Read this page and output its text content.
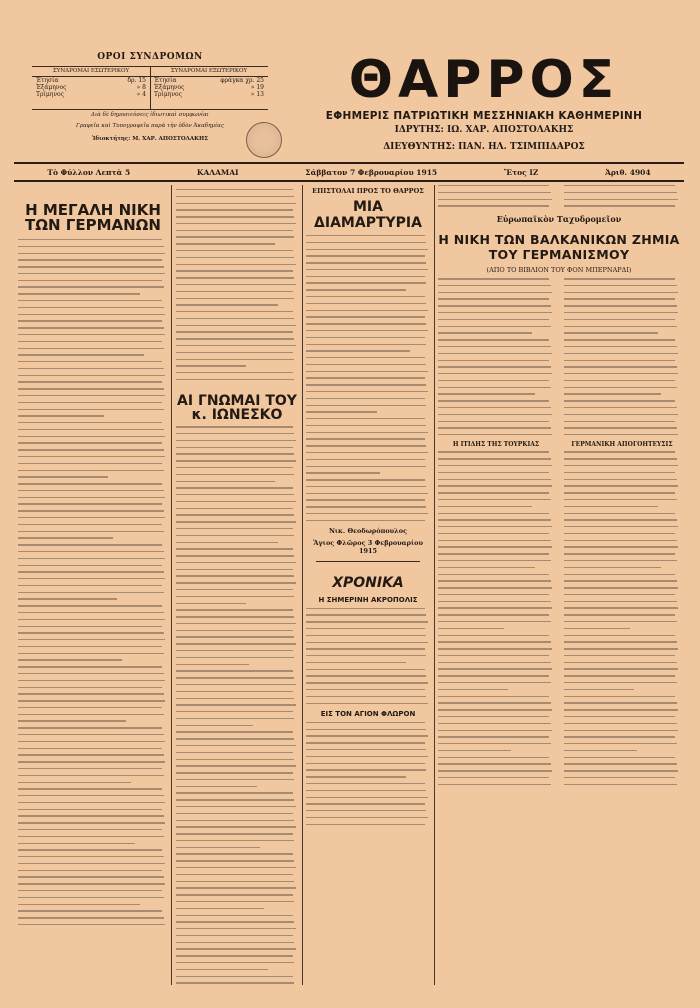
ΟΡΟΙ ΣΥΝΔΡΟΜΩΝ
ΣΥΝΔΡΟΜΑΙ ΕΣΩΤΕΡΙΚΟΥ
Ἐτησία	δρ. 15
Ἑξάμηνος	» 8
Τρίμηνος	» 4
ΣΥΝΔΡΟΜΑΙ ΕΞΩΤΕΡΙΚΟΥ
Ἐτησία	φράγκα χρ. 25
Ἑξάμηνος	» 19
Τρίμηνος	» 13
Διὰ δὲ δημοσιεύσεις ἰδιωτικαὶ συμφωνίαι
Γραφεῖα καὶ Τυπογραφεῖα παρὰ τὴν ὁδὸν Ἀκαδημίας
Ἰδιοκτήτης: Μ. ΧΑΡ. ΑΠΟΣΤΟΛΑΚΗΣ
ΘΑΡΡΟΣ
ΕΦΗΜΕΡΙΣ ΠΑΤΡΙΩΤΙΚΗ ΜΕΣΣΗΝΙΑΚΗ ΚΑΘΗΜΕΡΙΝΗ
ΙΔΡΥΤΗΣ: ΙΩ. ΧΑΡ. ΑΠΟΣΤΟΛΑΚΗΣ
ΔΙΕΥΘΥΝΤΗΣ: ΠΑΝ. ΗΛ. ΤΣΙΜΠΙΔΑΡΟΣ
Τὸ Φύλλον Λεπτὰ 5	ΚΑΛΑΜΑΙ	Σάββατον 7 Φεβρουαρίου 1915	Ἔτος ΙΖ	Ἀριθ. 4904
Η ΜΕΓΑΛΗ ΝΙΚΗ ΤΩΝ ΓΕΡΜΑΝΩΝ
ΑΙ ΓΝΩΜΑΙ ΤΟΥ κ. ΙΩΝΕΣΚΟ
ΕΠΙΣΤΟΛΑΙ ΠΡΟΣ ΤΟ ΘΑΡΡΟΣ
ΜΙΑ ΔΙΑΜΑΡΤΥΡΙΑ
Νικ. Θεοδωρόπουλος
Ἅγιος Φλῶρος 3 Φεβρουαρίου 1915
ΧΡΟΝΙΚΑ
Η ΣΗΜΕΡΙΝΗ ΑΚΡΟΠΟΛΙΣ
ΕΙΣ ΤΟΝ ΑΓΙΟΝ ΦΛΩΡΟΝ
Εὐρωπαϊκὸν Ταχυδρομεῖον
Η ΝΙΚΗ ΤΩΝ ΒΑΛΚΑΝΙΚΩΝ ΖΗΜΙΑ ΤΟΥ ΓΕΡΜΑΝΙΣΜΟΥ
(ΑΠΟ ΤΟ ΒΙΒΛΙΟΝ ΤΟΥ ΦΟΝ ΜΠΕΡΝΑΡΔΙ)
Η ΙΤΙΔΗΣ ΤΗΣ ΤΟΥΡΚΙΑΣ	ΓΕΡΜΑΝΙΚΗ ΑΠΟΓΟΗΤΕΥΣΙΣ
